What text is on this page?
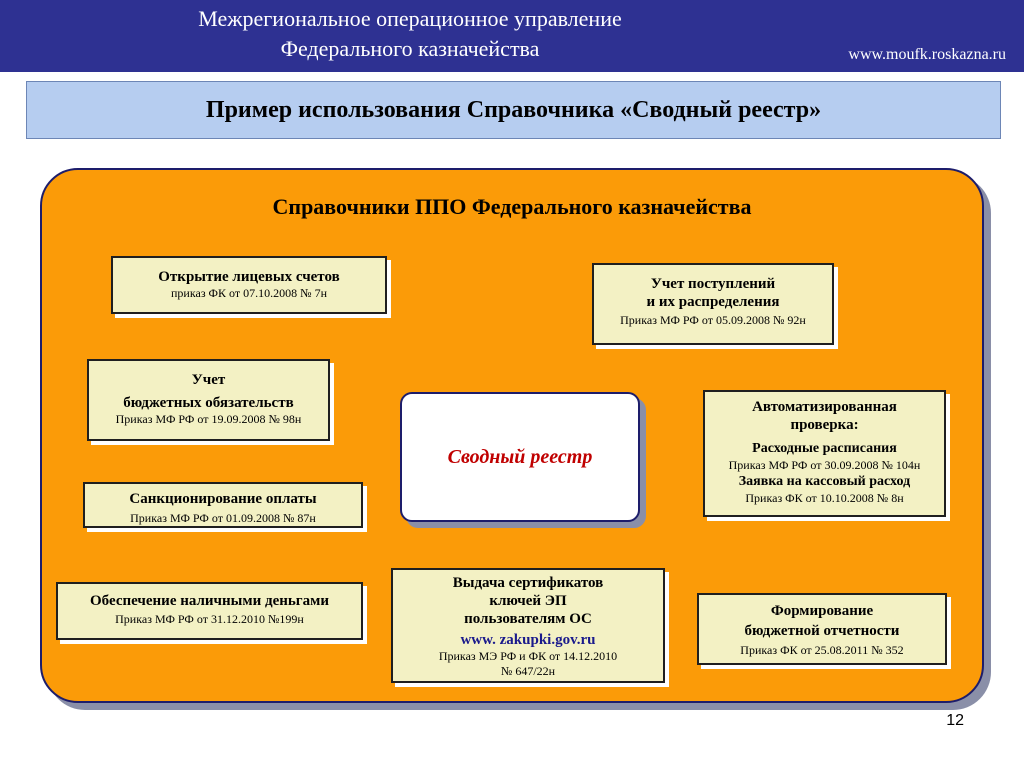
Межрегиональное операционное управление
Федерального казначейства	www.moufk.roskazna.ru
Пример использования Справочника «Сводный реестр»
Справочники ППО Федерального казначейства
Открытие лицевых счетов
приказ ФК от 07.10.2008 № 7н
Учет поступлений
и их распределения
Приказ МФ РФ от 05.09.2008 № 92н
Учет
бюджетных обязательств
Приказ МФ РФ от 19.09.2008 № 98н
Автоматизированная
проверка:
Расходные расписания
Приказ МФ РФ от 30.09.2008 № 104н
Заявка на кассовый расход
Приказ ФК от 10.10.2008 № 8н
Санкционирование оплаты
Приказ МФ РФ от 01.09.2008 № 87н
Обеспечение наличными деньгами
Приказ МФ РФ от 31.12.2010 №199н
Выдача сертификатов
ключей ЭП
пользователям ОС
www. zakupki.gov.ru
Приказ МЭ РФ и ФК от 14.12.2010
№ 647/22н
Формирование
бюджетной отчетности
Приказ ФК от 25.08.2011 № 352
Сводный реестр
12
